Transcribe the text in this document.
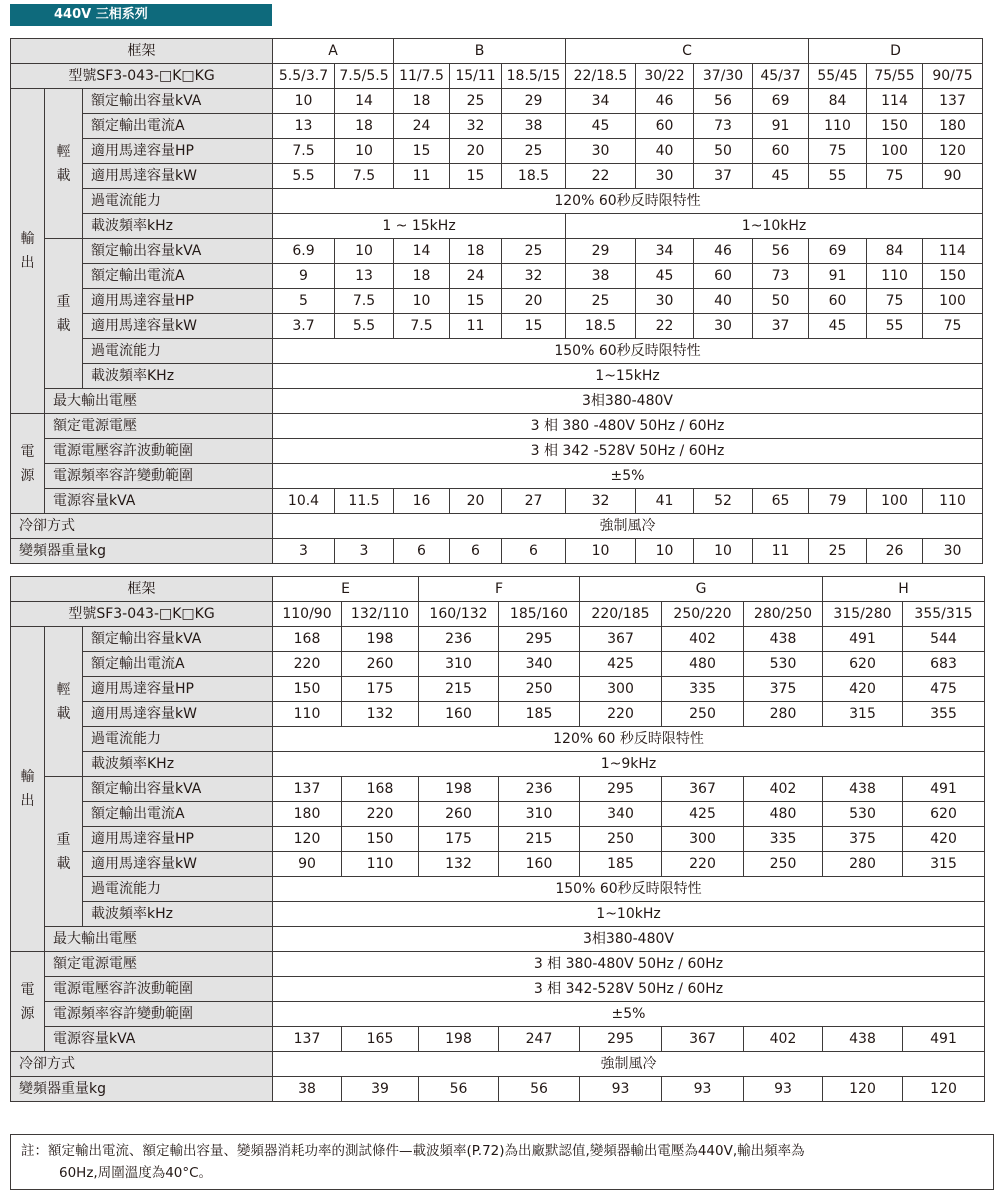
440V 三相系列
框架			A		B			C				D		
型號SF3-043-□K□KG			5.5/3.7	7.5/5.5	11/7.5	15/11	18.5/15	22/18.5	30/22	37/30	45/37	55/45	75/55	90/75

輸
出	輕
載	額定輸出容量kVA	10	14	18	25	29	34	46	56	69	84	114	137
		額定輸出電流A	13	18	24	32	38	45	60	73	91	110	150	180
		適用馬達容量HP	7.5	10	15	20	25	30	40	50	60	75	100	120
		適用馬達容量kW	5.5	7.5	11	15	18.5	22	30	37	45	55	75	90
		過電流能力	120% 60秒反時限特性											
		載波頻率kHz	1 ~ 15kHz					1~10kHz						

	重
載	額定輸出容量kVA	6.9	10	14	18	25	29	34	46	56	69	84	114
		額定輸出電流A	9	13	18	24	32	38	45	60	73	91	110	150
		適用馬達容量HP	5	7.5	10	15	20	25	30	40	50	60	75	100
		適用馬達容量kW	3.7	5.5	7.5	11	15	18.5	22	30	37	45	55	75
		過電流能力	150% 60秒反時限特性											
		載波頻率KHz	1~15kHz											
	最大輸出電壓		3相380-480V											

電
源	額定電源電壓		3 相 380 -480V 50Hz / 60Hz											
	電源電壓容許波動範圍		3 相 342 -528V 50Hz / 60Hz											
	電源頻率容許變動範圍		±5%											
	電源容量kVA		10.4	11.5	16	20	27	32	41	52	65	79	100	110
冷卻方式			強制風冷											
變頻器重量kg			3	3	6	6	6	10	10	10	11	25	26	30
框架			E		F		G			H	
型號SF3-043-□K□KG			110/90	132/110	160/132	185/160	220/185	250/220	280/250	315/280	355/315

輸
出	輕
載	額定輸出容量kVA	168	198	236	295	367	402	438	491	544
		額定輸出電流A	220	260	310	340	425	480	530	620	683
		適用馬達容量HP	150	175	215	250	300	335	375	420	475
		適用馬達容量kW	110	132	160	185	220	250	280	315	355
		過電流能力	120% 60 秒反時限特性								
		載波頻率KHz	1~9kHz								

	重
載	額定輸出容量kVA	137	168	198	236	295	367	402	438	491
		額定輸出電流A	180	220	260	310	340	425	480	530	620
		適用馬達容量HP	120	150	175	215	250	300	335	375	420
		適用馬達容量kW	90	110	132	160	185	220	250	280	315
		過電流能力	150% 60秒反時限特性								
		載波頻率kHz	1~10kHz								
	最大輸出電壓		3相380-480V								

電
源	額定電源電壓		3 相 380-480V 50Hz / 60Hz								
	電源電壓容許波動範圍		3 相 342-528V 50Hz / 60Hz								
	電源頻率容許變動範圍		±5%								
	電源容量kVA		137	165	198	247	295	367	402	438	491
冷卻方式			強制風冷								
變頻器重量kg			38	39	56	56	93	93	93	120	120
註：額定輸出電流、額定輸出容量、變頻器消耗功率的測試條件—載波頻率(P.72)為出廠默認值,變頻器輸出電壓為440V,輸出頻率為
60Hz,周圍溫度為40°C。
